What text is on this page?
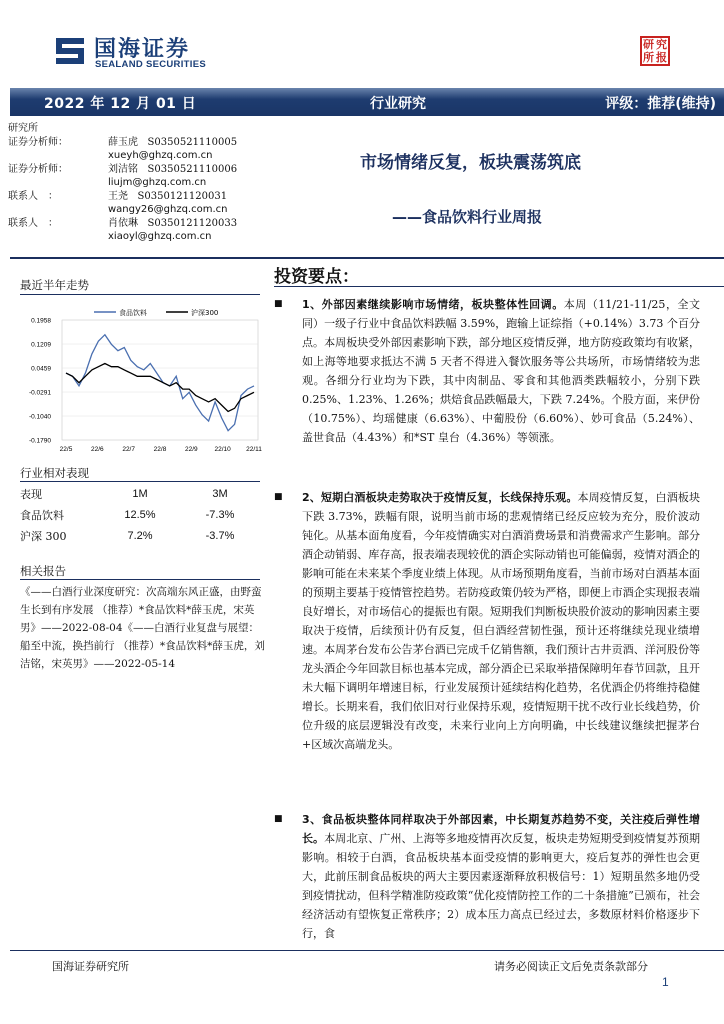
国海证券
SEALAND SECURITIES
研 究
所 报
2022 年 12 月 01 日	行业研究	评级：推荐(维持)
研究所
证券分析师：	薛玉虎
S0350521110005
xueyh@ghzq.com.cn
证券分析师：	刘洁铭
S0350521110006
liujm@ghzq.com.cn
联系人　：	王尧
S0350121120031
wangy26@ghzq.com.cn
联系人　：	肖依琳
S0350121120033
xiaoyl@ghzq.com.cn
市场情绪反复，板块震荡筑底
——食品饮料行业周报
最近半年走势
食品饮料	沪深300
0.1958
0.1209
0.0459
-0.0291
-0.1040
-0.1790
22/5	22/6	22/7	22/8	22/9	22/10 22/11
行业相对表现
表现	1M	3M
食品饮料	12.5%	-7.3%
沪深 300	7.2%	-3.7%
相关报告
《——白酒行业深度研究：次高端东风正盛，由野蛮生长到有序发展 （推荐）*食品饮料*薛玉虎，宋英男》——2022-08-04《——白酒行业复盘与展望：船至中流，换挡前行 （推荐）*食品饮料*薛玉虎，刘洁铭，宋英男》——2022-05-14
投资要点：
■ 1、外部因素继续影响市场情绪，板块整体性回调。本周（11/21-11/25，全文同）一级子行业中食品饮料跌幅 3.59%，跑输上证综指（+0.14%）3.73 个百分点。本周板块受外部因素影响下跌，部分地区疫情反弹，地方防疫政策均有收紧，如上海等地要求抵达不满 5 天者不得进入餐饮服务等公共场所，市场情绪较为悲观。各细分行业均为下跌，其中肉制品、零食和其他酒类跌幅较小，分别下跌 0.25%、1.23%、1.26%；烘焙食品跌幅最大，下跌 7.24%。个股方面，来伊份（10.75%）、均瑶健康（6.63%）、中葡股份（6.60%）、妙可食品（5.24%）、盖世食品（4.43%）和*ST 皇台（4.36%）等领涨。

■ 2、短期白酒板块走势取决于疫情反复，长线保持乐观。本周疫情反复，白酒板块下跌 3.73%，跌幅有限，说明当前市场的悲观情绪已经反应较为充分，股价波动钝化。从基本面角度看，今年疫情确实对白酒消费场景和消费需求产生影响。部分酒企动销弱、库存高，报表端表现较优的酒企实际动销也可能偏弱，疫情对酒企的影响可能在未来某个季度业绩上体现。从市场预期角度看，当前市场对白酒基本面的预期主要基于疫情管控趋势。若防疫政策仍较为严格，即便上市酒企实现报表端良好增长，对市场信心的提振也有限。短期我们判断板块股价波动的影响因素主要取决于疫情，后续预计仍有反复，但白酒经营韧性强，预计还将继续兑现业绩增速。本周茅台发布公告茅台酒已完成千亿销售额，我们预计古井贡酒、洋河股份等龙头酒企今年回款目标也基本完成，部分酒企已采取举措保障明年春节回款，且开未大幅下调明年增速目标，行业发展预计延续结构化趋势，名优酒企仍将维持稳健增长。长期来看，我们依旧对行业保持乐观，疫情短期干扰不改行业长线趋势，价位升级的底层逻辑没有改变，未来行业向上方向明确，中长线建议继续把握茅台+区域次高端龙头。

■ 3、食品板块整体同样取决于外部因素，中长期复苏趋势不变，关注疫后弹性增长。本周北京、广州、上海等多地疫情再次反复，板块走势短期受到疫情复苏预期影响。相较于白酒，食品板块基本面受疫情的影响更大，疫后复苏的弹性也会更大，此前压制食品板块的两大主要因素逐渐释放积极信号：1）短期虽然多地仍受到疫情扰动，但科学精准防疫政策“优化疫情防控工作的二十条措施”已颁布，社会经济活动有望恢复正常秩序；2）成本压力高点已经过去，多数原材料价格逐步下行，食

国海证券研究所	请务必阅读正文后免责条款部分
1
